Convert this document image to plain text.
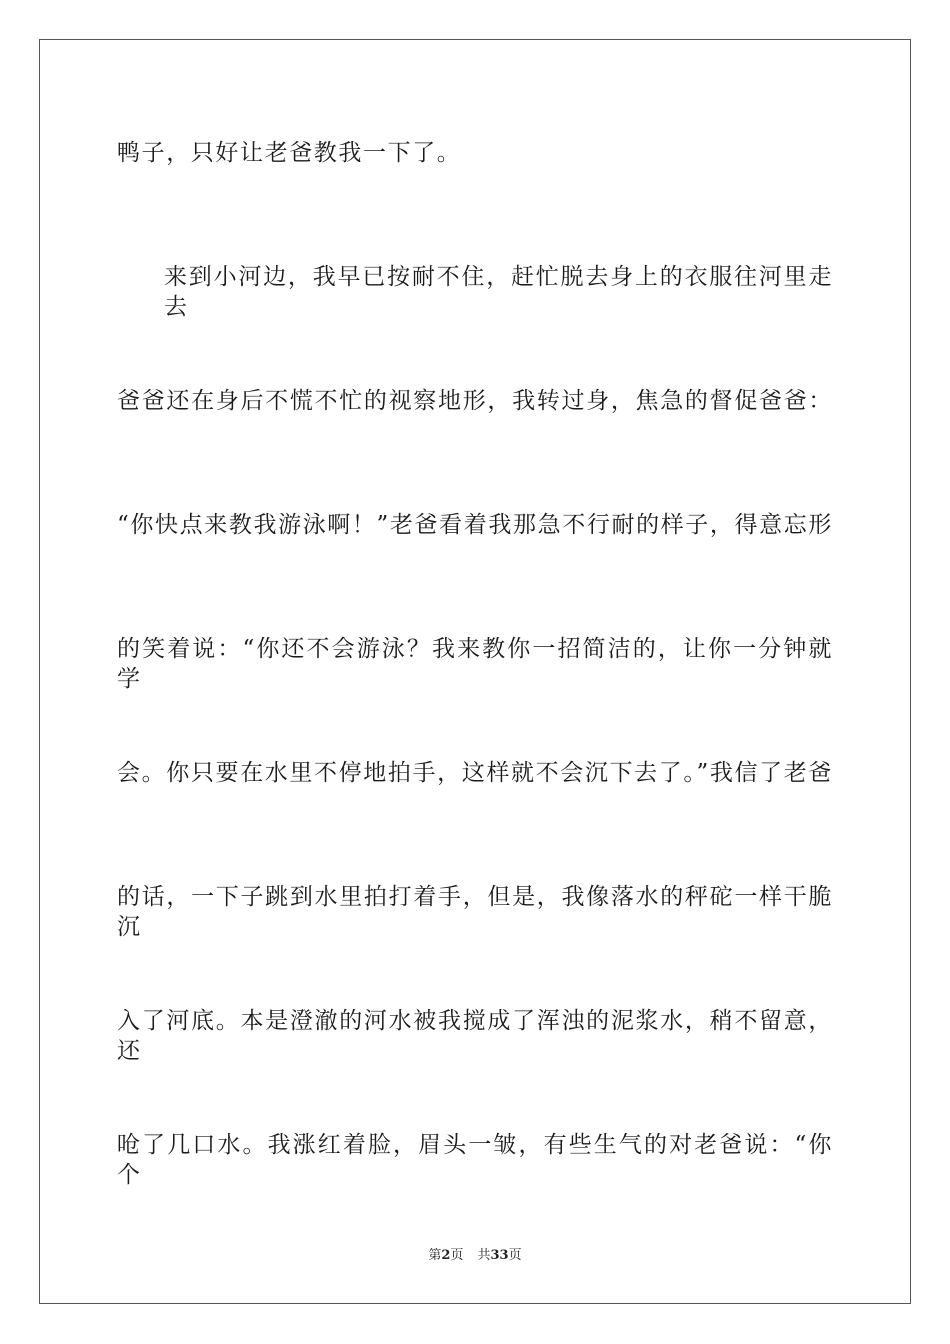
鸭子，只好让老爸教我一下了。
来到小河边，我早已按耐不住，赶忙脱去身上的衣服往河里走去
爸爸还在身后不慌不忙的视察地形，我转过身，焦急的督促爸爸：
“你快点来教我游泳啊！”老爸看着我那急不行耐的样子，得意忘形
的笑着说：“你还不会游泳？我来教你一招简洁的，让你一分钟就学
会。你只要在水里不停地拍手，这样就不会沉下去了。”我信了老爸
的话，一下子跳到水里拍打着手，但是，我像落水的秤砣一样干脆沉
入了河底。本是澄澈的河水被我搅成了浑浊的泥浆水，稍不留意，还
呛了几口水。我涨红着脸，眉头一皱，有些生气的对老爸说：“你个
第2页 共33页
